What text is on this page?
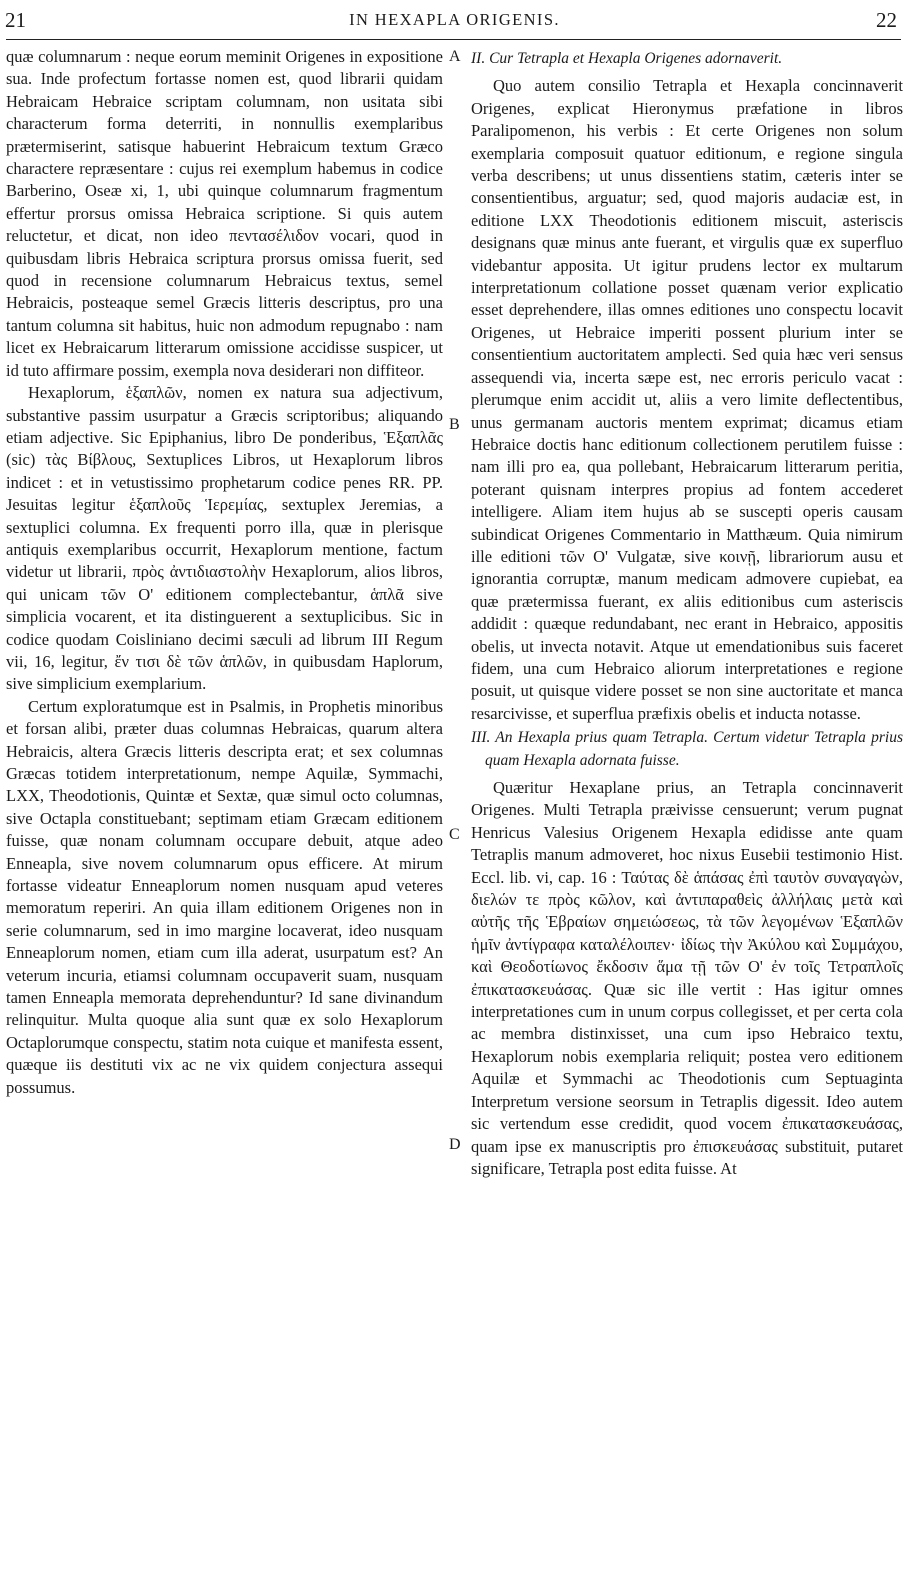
21	IN HEXAPLA ORIGENIS.	22

quæ columnarum : neque eorum meminit Origenes in expositione sua. Inde profectum fortasse nomen est, quod librarii quidam Hebraicam Hebraice scriptam columnam, non usitata sibi characterum forma deterriti, in nonnullis exemplaribus prætermiserint, satisque habuerint Hebraicum textum Græco charactere repræsentare : cujus rei exemplum habemus in codice Barberino, Oseæ xi, 1, ubi quinque columnarum fragmentum effertur prorsus omissa Hebraica scriptione. Si quis autem reluctetur, et dicat, non ideo πεντασέλιδον vocari, quod in quibusdam libris Hebraica scriptura prorsus omissa fuerit, sed quod in recensione columnarum Hebraicus textus, semel Hebraicis, posteaque semel Græcis litteris descriptus, pro una tantum columna sit habitus, huic non admodum repugnabo : nam licet ex Hebraicarum litterarum omissione accidisse suspicer, ut id tuto affirmare possim, exempla nova desiderari non diffiteor.

Hexaplorum, ἑξαπλῶν, nomen ex natura sua adjectivum, substantive passim usurpatur a Græcis scriptoribus; aliquando etiam adjective. Sic Epiphanius, libro De ponderibus, Ἑξαπλᾶς (sic) τὰς Βίβλους, Sextuplices Libros, ut Hexaplorum libros indicet : et in vetustissimo prophetarum codice penes RR. PP. Jesuitas legitur ἑξαπλοῦς Ἱερεμίας, sextuplex Jeremias, a sextuplici columna. Ex frequenti porro illa, quæ in plerisque antiquis exemplaribus occurrit, Hexaplorum mentione, factum videtur ut librarii, πρὸς ἀντιδιαστολὴν Hexaplorum, alios libros, qui unicam τῶν Ο' editionem complectebantur, ἁπλᾶ sive simplicia vocarent, et ita distinguerent a sextuplicibus. Sic in codice quodam Coisliniano decimi sæculi ad librum III Regum vii, 16, legitur, ἔν τισι δὲ τῶν ἁπλῶν, in quibusdam Haplorum, sive simplicium exemplarium.

Certum exploratumque est in Psalmis, in Prophetis minoribus et forsan alibi, præter duas columnas Hebraicas, quarum altera Hebraicis, altera Græcis litteris descripta erat; et sex columnas Græcas totidem interpretationum, nempe Aquilæ, Symmachi, LXX, Theodotionis, Quintæ et Sextæ, quæ simul octo columnas, sive Octapla constituebant; septimam etiam Græcam editionem fuisse, quæ nonam columnam occupare debuit, atque adeo Enneapla, sive novem columnarum opus efficere. At mirum fortasse videatur Enneaplorum nomen nusquam apud veteres memoratum reperiri. An quia illam editionem Origenes non in serie columnarum, sed in imo margine locaverat, ideo nusquam Enneaplorum nomen, etiam cum illa aderat, usurpatum est? An veterum incuria, etiamsi columnam occupaverit suam, nusquam tamen Enneapla memorata deprehenduntur? Id sane divinandum relinquitur. Multa quoque alia sunt quæ ex solo Hexaplorum Octaplorumque conspectu, statim nota cuique et manifesta essent, quæque iis destituti vix ac ne vix quidem conjectura assequi possumus.

A
B
C
D

II. Cur Tetrapla et Hexapla Origenes adornaverit.

Quo autem consilio Tetrapla et Hexapla concinnaverit Origenes, explicat Hieronymus præfatione in libros Paralipomenon, his verbis : Et certe Origenes non solum exemplaria composuit quatuor editionum, e regione singula verba describens; ut unus dissentiens statim, cæteris inter se consentientibus, arguatur; sed, quod majoris audaciæ est, in editione LXX Theodotionis editionem miscuit, asteriscis designans quæ minus ante fuerant, et virgulis quæ ex superfluo videbantur apposita. Ut igitur prudens lector ex multarum interpretationum collatione posset quænam verior explicatio esset deprehendere, illas omnes editiones uno conspectu locavit Origenes, ut Hebraice imperiti possent plurium inter se consentientium auctoritatem amplecti. Sed quia hæc veri sensus assequendi via, incerta sæpe est, nec erroris periculo vacat : plerumque enim accidit ut, aliis a vero limite deflectentibus, unus germanam auctoris mentem exprimat; dicamus etiam Hebraice doctis hanc editionum collectionem perutilem fuisse : nam illi pro ea, qua pollebant, Hebraicarum litterarum peritia, poterant quisnam interpres propius ad fontem accederet intelligere. Aliam item hujus ab se suscepti operis causam subindicat Origenes Commentario in Matthæum. Quia nimirum ille editioni τῶν Ο' Vulgatæ, sive κοινῇ, librariorum ausu et ignorantia corruptæ, manum medicam admovere cupiebat, ea quæ prætermissa fuerant, ex aliis editionibus cum asteriscis addidit : quæque redundabant, nec erant in Hebraico, appositis obelis, ut invecta notavit. Atque ut emendationibus suis faceret fidem, una cum Hebraico aliorum interpretationes e regione posuit, ut quisque videre posset se non sine auctoritate et manca resarcivisse, et superflua præfixis obelis et inducta notasse.

III. An Hexapla prius quam Tetrapla. Certum videtur Tetrapla prius quam Hexapla adornata fuisse.

Quæritur Hexaplane prius, an Tetrapla concinnaverit Origenes. Multi Tetrapla præivisse censuerunt; verum pugnat Henricus Valesius Origenem Hexapla edidisse ante quam Tetraplis manum admoveret, hoc nixus Eusebii testimonio Hist. Eccl. lib. vi, cap. 16 : Ταύτας δὲ ἁπάσας ἐπὶ ταυτὸν συναγαγὼν, διελών τε πρὸς κῶλον, καὶ ἀντιπαραθεὶς ἀλλήλαις μετὰ καὶ αὐτῆς τῆς Ἑβραίων σημειώσεως, τὰ τῶν λεγομένων Ἑξαπλῶν ἡμῖν ἀντίγραφα καταλέλοιπεν· ἰδίως τὴν Ἀκύλου καὶ Συμμάχου, καὶ Θεοδοτίωνος ἔκδοσιν ἅμα τῇ τῶν Ο' ἐν τοῖς Τετραπλοῖς ἐπικατασκευάσας. Quæ sic ille vertit : Has igitur omnes interpretationes cum in unum corpus collegisset, et per certa cola ac membra distinxisset, una cum ipso Hebraico textu, Hexaplorum nobis exemplaria reliquit; postea vero editionem Aquilæ et Symmachi ac Theodotionis cum Septuaginta Interpretum versione seorsum in Tetraplis digessit. Ideo autem sic vertendum esse credidit, quod vocem ἐπικατασκευάσας, quam ipse ex manuscriptis pro ἐπισκευάσας substituit, putaret significare, Tetrapla post edita fuisse. At
